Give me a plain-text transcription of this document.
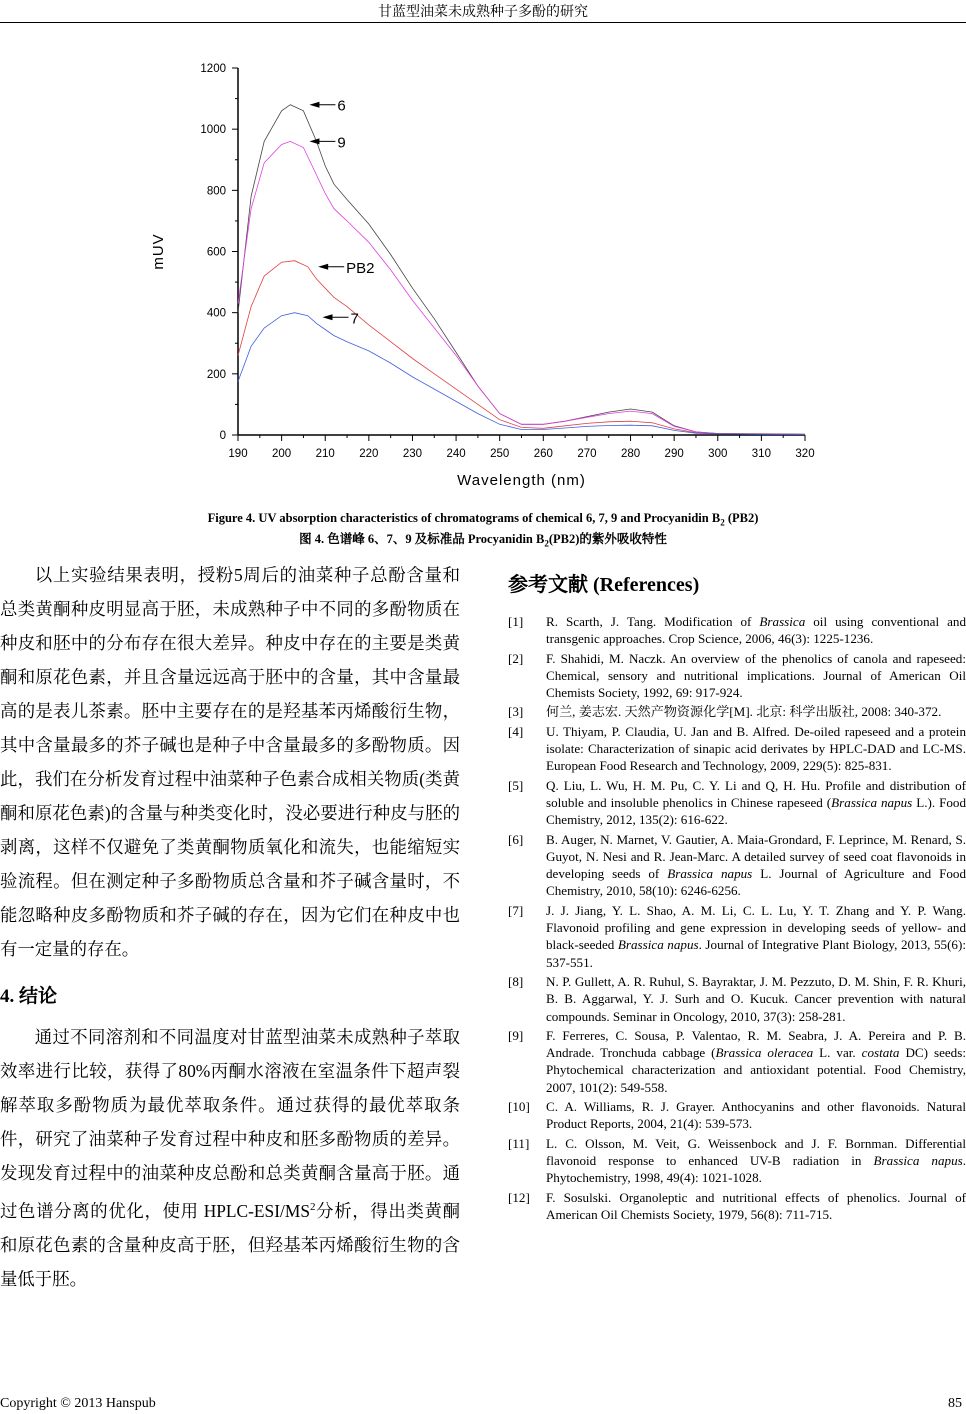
甘蓝型油菜未成熟种子多酚的研究
190 200 210 220 230 240 250 260 270 280 290 300 310 320
0
200
400
600
800
1000
1200
Wavelength (nm)
mUV
6
9
PB2
7
Figure 4. UV absorption characteristics of chromatograms of chemical 6, 7, 9 and Procyanidin $B_2$ (PB2)
图 4. 色谱峰 6、7、9 及标准品 Procyanidin $B_2(PB2)$的紫外吸收特性

以上实验结果表明，授粉5周后的油菜种子总酚含量和总类黄酮种皮明显高于胚，未成熟种子中不同的多酚物质在种皮和胚中的分布存在很大差异。种皮中存在的主要是类黄酮和原花色素，并且含量远远高于胚中的含量，其中含量最高的是表儿茶素。胚中主要存在的是羟基苯丙烯酸衍生物，其中含量最多的芥子碱也是种子中含量最多的多酚物质。因此，我们在分析发育过程中油菜种子色素合成相关物质(类黄酮和原花色素)的含量与种类变化时，没必要进行种皮与胚的剥离，这样不仅避免了类黄酮物质氧化和流失，也能缩短实验流程。但在测定种子多酚物质总含量和芥子碱含量时，不能忽略种皮多酚物质和芥子碱的存在，因为它们在种皮中也有一定量的存在。

4. 结论

通过不同溶剂和不同温度对甘蓝型油菜未成熟种子萃取效率进行比较，获得了80%丙酮水溶液在室温条件下超声裂解萃取多酚物质为最优萃取条件。通过获得的最优萃取条件，研究了油菜种子发育过程中种皮和胚多酚物质的差异。发现发育过程中的油菜种皮总酚和总类黄酮含量高于胚。通过色谱分离的优化，使用 HPLC-$ESI/MS^2$分析，得出类黄酮和原花色素的含量种皮高于胚，但羟基苯丙烯酸衍生物的含量低于胚。

参考文献 (References)
[1]	R. Scarth, J. Tang. Modification of Brassica oil using conventional and transgenic approaches. Crop Science, 2006, 46(3): 1225-1236.
[2]	F. Shahidi, M. Naczk. An overview of the phenolics of canola and rapeseed: Chemical, sensory and nutritional implications. Journal of American Oil Chemists Society, 1992, 69: 917-924.
[3]	何兰, 姜志宏. 天然产物资源化学[M]. 北京: 科学出版社, 2008: 340-372.
[4]	U. Thiyam, P. Claudia, U. Jan and B. Alfred. De-oiled rapeseed and a protein isolate: Characterization of sinapic acid derivates by HPLC-DAD and LC-MS. European Food Research and Technology, 2009, 229(5): 825-831.
[5]	Q. Liu, L. Wu, H. M. Pu, C. Y. Li and Q, H. Hu. Profile and distribution of soluble and insoluble phenolics in Chinese rapeseed (Brassica napus L.). Food Chemistry, 2012, 135(2): 616-622.
[6]	B. Auger, N. Marnet, V. Gautier, A. Maia-Grondard, F. Leprince, M. Renard, S. Guyot, N. Nesi and R. Jean-Marc. A detailed survey of seed coat flavonoids in developing seeds of Brassica napus L. Journal of Agriculture and Food Chemistry, 2010, 58(10): 6246-6256.
[7]	J. J. Jiang, Y. L. Shao, A. M. Li, C. L. Lu, Y. T. Zhang and Y. P. Wang. Flavonoid profiling and gene expression in developing seeds of yellow- and black-seeded Brassica napus. Journal of Integrative Plant Biology, 2013, 55(6): 537-551.
[8]	N. P. Gullett, A. R. Ruhul, S. Bayraktar, J. M. Pezzuto, D. M. Shin, F. R. Khuri, B. B. Aggarwal, Y. J. Surh and O. Kucuk. Cancer prevention with natural compounds. Seminar in Oncology, 2010, 37(3): 258-281.
[9]	F. Ferreres, C. Sousa, P. Valentao, R. M. Seabra, J. A. Pereira and P. B. Andrade. Tronchuda cabbage (Brassica oleracea L. var. costata DC) seeds: Phytochemical characterization and antioxidant potential. Food Chemistry, 2007, 101(2): 549-558.
[10]	C. A. Williams, R. J. Grayer. Anthocyanins and other flavonoids. Natural Product Reports, 2004, 21(4): 539-573.
[11]	L. C. Olsson, M. Veit, G. Weissenbock and J. F. Bornman. Differential flavonoid response to enhanced UV-B radiation in Brassica napus. Phytochemistry, 1998, 49(4): 1021-1028.
[12]	F. Sosulski. Organoleptic and nutritional effects of phenolics. Journal of American Oil Chemists Society, 1979, 56(8): 711-715.
Copyright © 2013 Hanspub	85
